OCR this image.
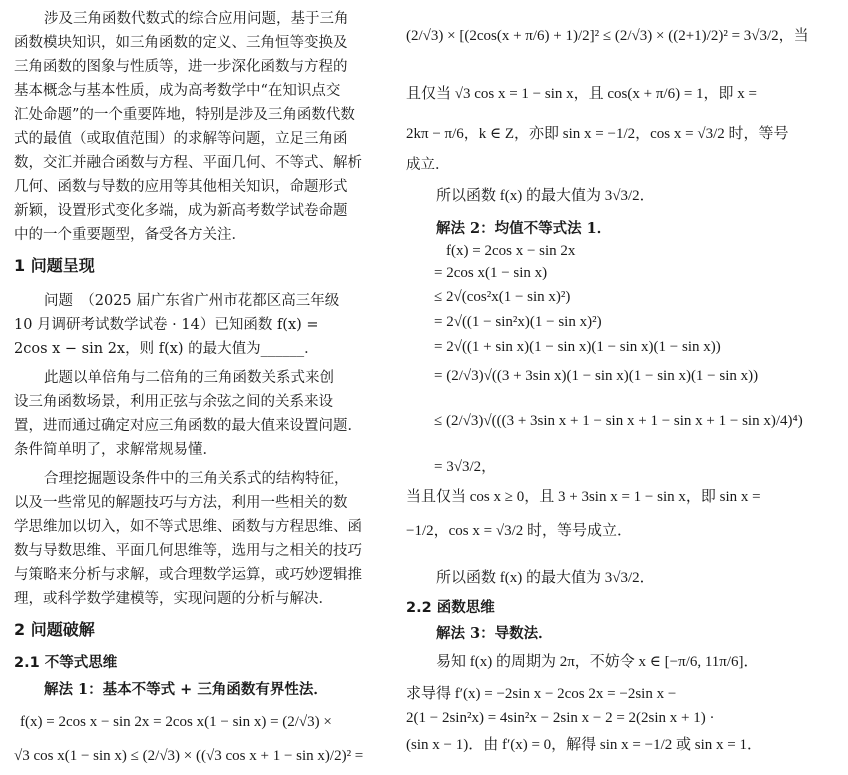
涉及三角函数代数式的综合应用问题，基于三角
函数模块知识，如三角函数的定义、三角恒等变换及
三角函数的图象与性质等，进一步深化函数与方程的
基本概念与基本性质，成为高考数学中“在知识点交
汇处命题”的一个重要阵地，特别是涉及三角函数代数
式的最值（或取值范围）的求解等问题，立足三角函
数，交汇并融合函数与方程、平面几何、不等式、解析
几何、函数与导数的应用等其他相关知识，命题形式
新颖，设置形式变化多端，成为新高考数学试卷命题
中的一个重要题型，备受各方关注．
1 问题呈现
问题　（2025 届广东省广州市花都区高三年级
10 月调研考试数学试卷 · 14）已知函数 f(x) =
2cos x − sin 2x，则 f(x) 的最大值为______．
此题以单倍角与二倍角的三角函数关系式来创
设三角函数场景，利用正弦与余弦之间的关系来设
置，进而通过确定对应三角函数的最大值来设置问题．
条件简单明了，求解常规易懂．
合理挖掘题设条件中的三角关系式的结构特征，
以及一些常见的解题技巧与方法，利用一些相关的数
学思维加以切入，如不等式思维、函数与方程思维、函
数与导数思维、平面几何思维等，选用与之相关的技巧
与策略来分析与求解，或合理数学运算，或巧妙逻辑推
理，或科学数学建模等，实现问题的分析与解决．
2 问题破解
2.1 不等式思维
解法 1：基本不等式 + 三角函数有界性法．
f(x) = 2cos x − sin 2x = 2cos x(1 − sin x) = (2/√3) ×
√3 cos x(1 − sin x) ≤ (2/√3) × ((√3 cos x + 1 − sin x)/2)² =
(2/√3) × [(2cos(x + π/6) + 1)/2]² ≤ (2/√3) × ((2+1)/2)² = 3√3/2，当
且仅当 √3 cos x = 1 − sin x，且 cos(x + π/6) = 1，即 x =
2kπ − π/6，k ∈ Z，亦即 sin x = −1/2，cos x = √3/2 时，等号
成立．
所以函数 f(x) 的最大值为 3√3/2．
解法 2：均值不等式法 1．
f(x) = 2cos x − sin 2x
= 2cos x(1 − sin x)
≤ 2√(cos²x(1 − sin x)²)
= 2√((1 − sin²x)(1 − sin x)²)
= 2√((1 + sin x)(1 − sin x)(1 − sin x)(1 − sin x))
= (2/√3)√((3 + 3sin x)(1 − sin x)(1 − sin x)(1 − sin x))
≤ (2/√3)√(((3 + 3sin x + 1 − sin x + 1 − sin x + 1 − sin x)/4)⁴)
= 3√3/2，
当且仅当 cos x ≥ 0，且 3 + 3sin x = 1 − sin x，即 sin x =
−1/2，cos x = √3/2 时，等号成立．
所以函数 f(x) 的最大值为 3√3/2．
2.2 函数思维
解法 3：导数法．
易知 f(x) 的周期为 2π，不妨令 x ∈ [−π/6, 11π/6]．
求导得 f′(x) = −2sin x − 2cos 2x = −2sin x −
2(1 − 2sin²x) = 4sin²x − 2sin x − 2 = 2(2sin x + 1) ·
(sin x − 1)．由 f′(x) = 0，解得 sin x = −1/2 或 sin x = 1．
